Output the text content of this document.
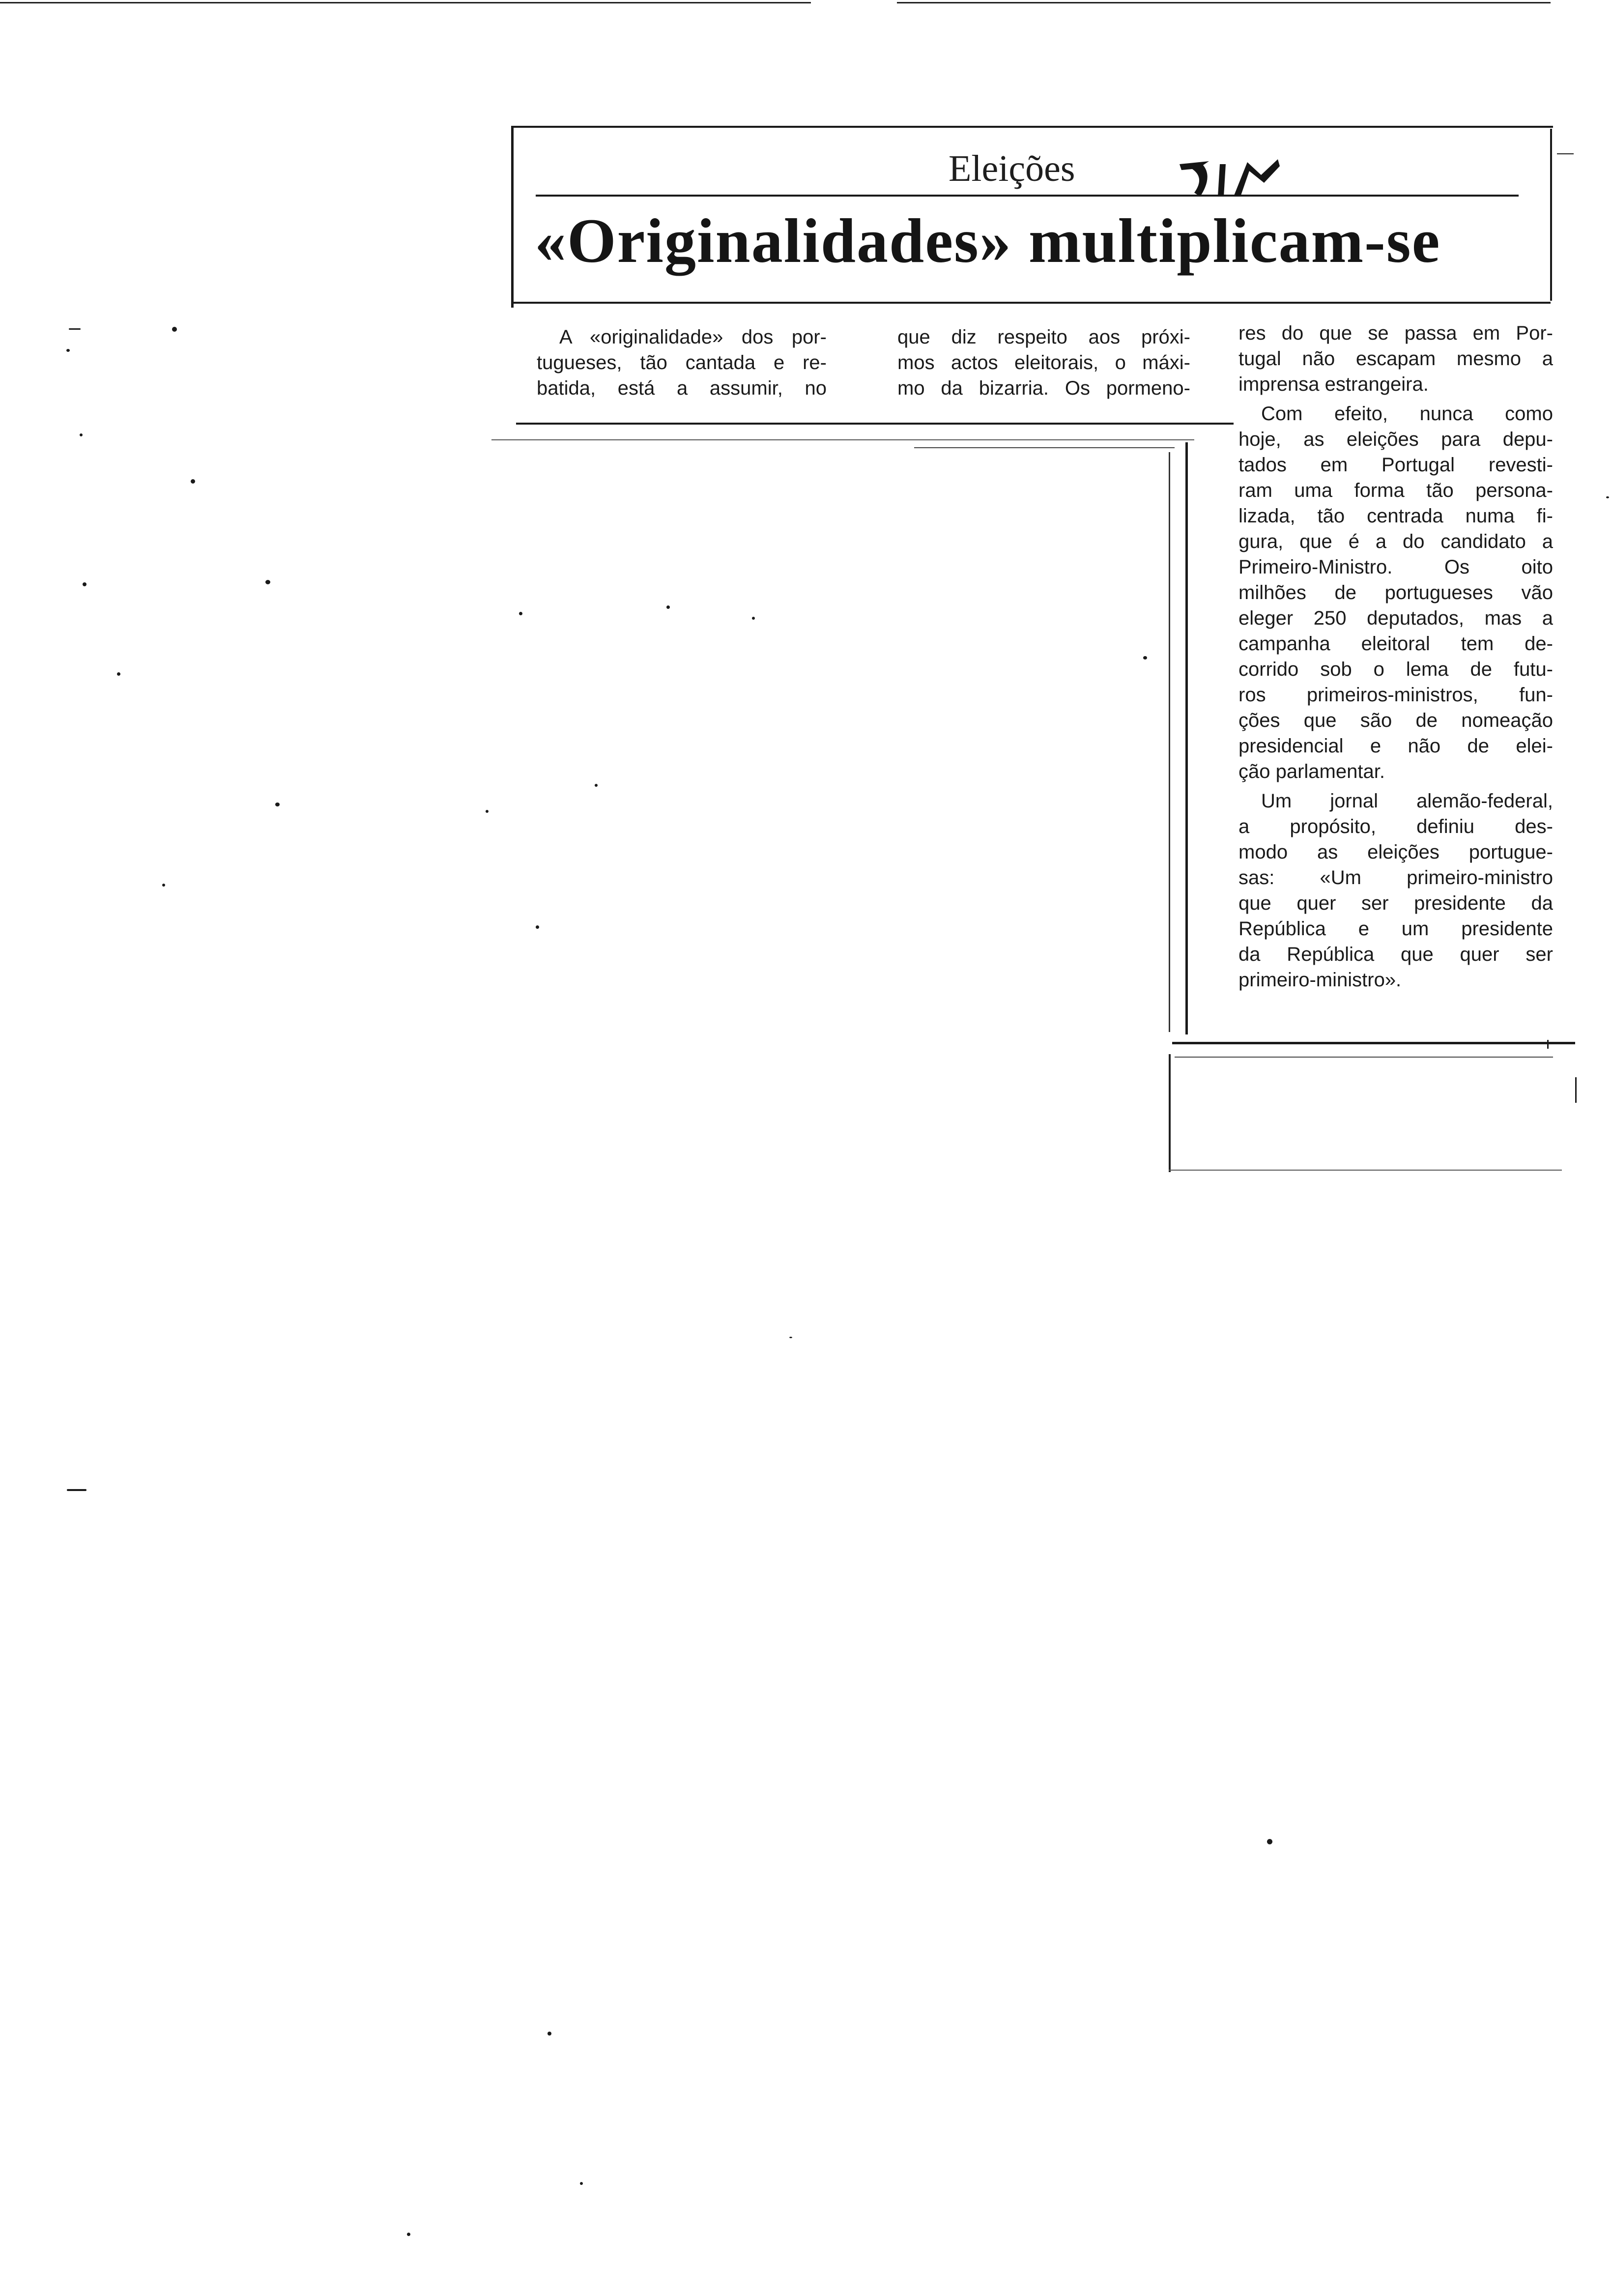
Eleições
«Originalidades» multiplicam-se
A «originalidade» dos por-
tugueses, tão cantada e re-
batida, está a assumir, no
que diz respeito aos próxi-
mos actos eleitorais, o máxi-
mo da bizarria. Os pormeno-
res do que se passa em Por-
tugal não escapam mesmo a
imprensa estrangeira.
Com efeito, nunca como
hoje, as eleições para depu-
tados em Portugal revesti-
ram uma forma tão persona-
lizada, tão centrada numa fi-
gura, que é a do candidato a
Primeiro-Ministro. Os oito
milhões de portugueses vão
eleger 250 deputados, mas a
campanha eleitoral tem de-
corrido sob o lema de futu-
ros primeiros-ministros, fun-
ções que são de nomeação
presidencial e não de elei-
ção parlamentar.
Um jornal alemão-federal,
a propósito, definiu des-
modo as eleições portugue-
sas: «Um primeiro-ministro
que quer ser presidente da
República e um presidente
da República que quer ser
primeiro-ministro».
